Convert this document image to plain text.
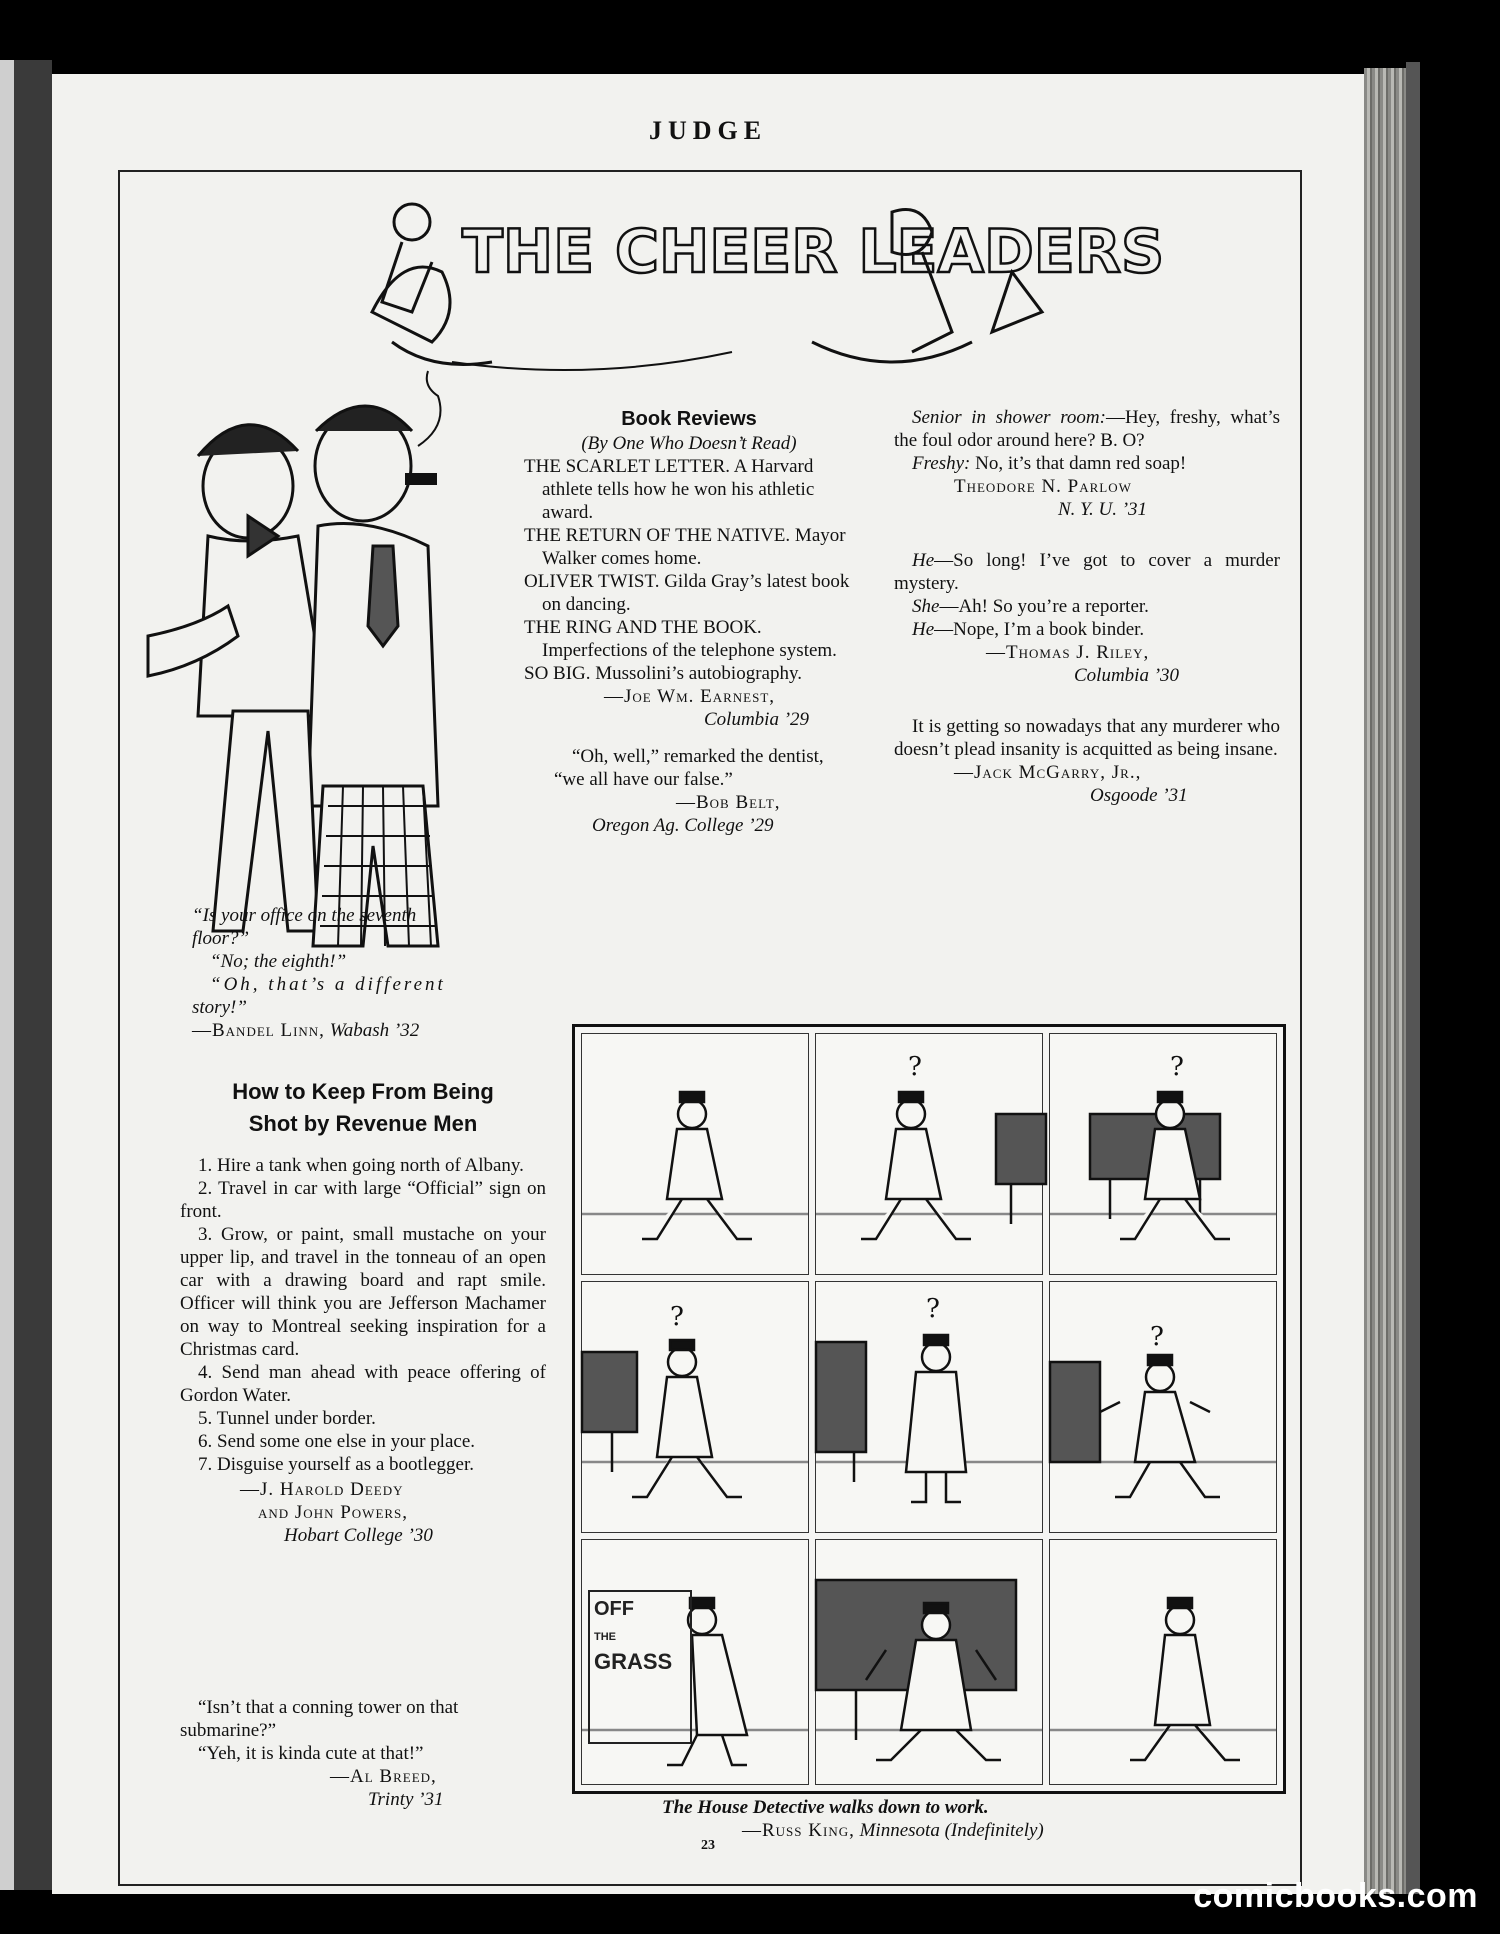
JUDGE
THE CHEER LEADERS
“Is your office on the seventh
floor?”
“No; the eighth!”
“Oh, that’s a different
story!”
—Bandel Linn, Wabash ’32
How to Keep From Being
Shot by Revenue Men
1. Hire a tank when going north of Albany.
2. Travel in car with large “Official” sign on front.
3. Grow, or paint, small mustache on your upper lip, and travel in the tonneau of an open car with a drawing board and rapt smile. Officer will think you are Jefferson Machamer on way to Montreal seeking inspiration for a Christmas card.
4. Send man ahead with peace offering of Gordon Water.
5. Tunnel under border.
6. Send some one else in your place.
7. Disguise yourself as a bootlegger.
—J. Harold Deedy
and John Powers,
Hobart College ’30
“Isn’t that a conning tower on that submarine?”
“Yeh, it is kinda cute at that!”
—Al Breed,
Trinty ’31
Book Reviews
(By One Who Doesn’t Read)
THE SCARLET LETTER. A Harvard athlete tells how he won his athletic award.
THE RETURN OF THE NATIVE. Mayor Walker comes home.
OLIVER TWIST. Gilda Gray’s latest book on dancing.
THE RING AND THE BOOK. Imperfections of the telephone system.
SO BIG. Mussolini’s autobiography.
—Joe Wm. Earnest,
Columbia ’29
“Oh, well,” remarked the dentist, “we all have our false.”
—Bob Belt,
Oregon Ag. College ’29
Senior in shower room:—Hey, freshy, what’s the foul odor around here? B. O?
Freshy: No, it’s that damn red soap!
Theodore N. Parlow
N. Y. U. ’31
He—So long! I’ve got to cover a murder mystery.
She—Ah! So you’re a reporter.
He—Nope, I’m a book binder.
—Thomas J. Riley,
Columbia ’30
It is getting so nowadays that any murderer who doesn’t plead insanity is acquitted as being insane.
—Jack McGarry, Jr.,
Osgoode ’31
?	?
?	?
?
OFF
THE
GRASS
The House Detective walks down to work.
—Russ King, Minnesota (Indefinitely)
23
comicbooks.com
